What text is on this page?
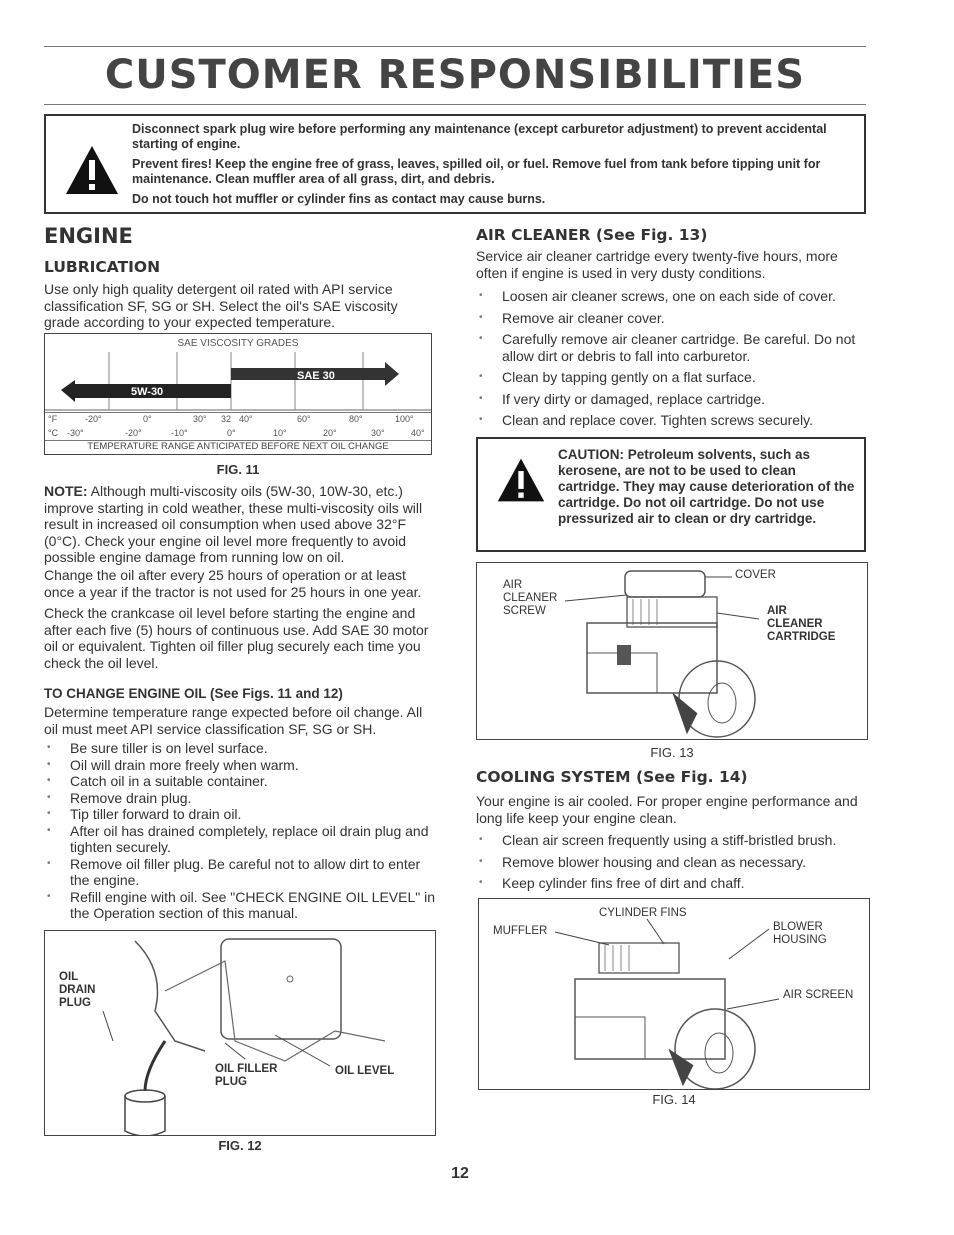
CUSTOMER RESPONSIBILITIES

Disconnect spark plug wire before performing any maintenance (except carburetor adjustment) to prevent accidental starting of engine.

Prevent fires! Keep the engine free of grass, leaves, spilled oil, or fuel. Remove fuel from tank before tipping unit for maintenance. Clean muffler area of all grass, dirt, and debris.

Do not touch hot muffler or cylinder fins as contact may cause burns.

ENGINE
LUBRICATION

Use only high quality detergent oil rated with API service classification SF, SG or SH. Select the oil's SAE viscosity grade according to your expected temperature.

SAE VISCOSITY GRADES
5W-30
SAE 30
°F	-20°	0°	30° 32 40°	60°	80°	100°
°C -30°	-20°	-10°	0°	10°	20°	30°	40°
TEMPERATURE RANGE ANTICIPATED BEFORE NEXT OIL CHANGE
FIG. 11

NOTE: Although multi-viscosity oils (5W-30, 10W-30, etc.) improve starting in cold weather, these multi-viscosity oils will result in increased oil consumption when used above 32°F (0°C). Check your engine oil level more frequently to avoid possible engine damage from running low on oil.

Change the oil after every 25 hours of operation or at least once a year if the tractor is not used for 25 hours in one year.

Check the crankcase oil level before starting the engine and after each five (5) hours of continuous use. Add SAE 30 motor oil or equivalent. Tighten oil filler plug securely each time you check the oil level.

TO CHANGE ENGINE OIL (See Figs. 11 and 12)

Determine temperature range expected before oil change. All oil must meet API service classification SF, SG or SH.

• Be sure tiller is on level surface.
• Oil will drain more freely when warm.
• Catch oil in a suitable container.
• Remove drain plug.
• Tip tiller forward to drain oil.
• After oil has drained completely, replace oil drain plug and tighten securely.
• Remove oil filler plug. Be careful not to allow dirt to enter the engine.
• Refill engine with oil. See "CHECK ENGINE OIL LEVEL" in the Operation section of this manual.
OIL
DRAIN
PLUG
OIL FILLER
PLUG
OIL LEVEL
FIG. 12
AIR CLEANER (See Fig. 13)

Service air cleaner cartridge every twenty-five hours, more often if engine is used in very dusty conditions.

• Loosen air cleaner screws, one on each side of cover.
• Remove air cleaner cover.
• Carefully remove air cleaner cartridge. Be careful. Do not allow dirt or debris to fall into carburetor.
• Clean by tapping gently on a flat surface.
• If very dirty or damaged, replace cartridge.
• Clean and replace cover. Tighten screws securely.
CAUTION: Petroleum solvents, such as kerosene, are not to be used to clean cartridge. They may cause deterioration of the cartridge. Do not oil cartridge. Do not use pressurized air to clean or dry cartridge.
AIR
CLEANER
SCREW
COVER
AIR
CLEANER
CARTRIDGE
FIG. 13
COOLING SYSTEM (See Fig. 14)

Your engine is air cooled. For proper engine performance and long life keep your engine clean.

• Clean air screen frequently using a stiff-bristled brush.
• Remove blower housing and clean as necessary.
• Keep cylinder fins free of dirt and chaff.
CYLINDER FINS
MUFFLER	BLOWER
HOUSING
AIR SCREEN
FIG. 14
12
